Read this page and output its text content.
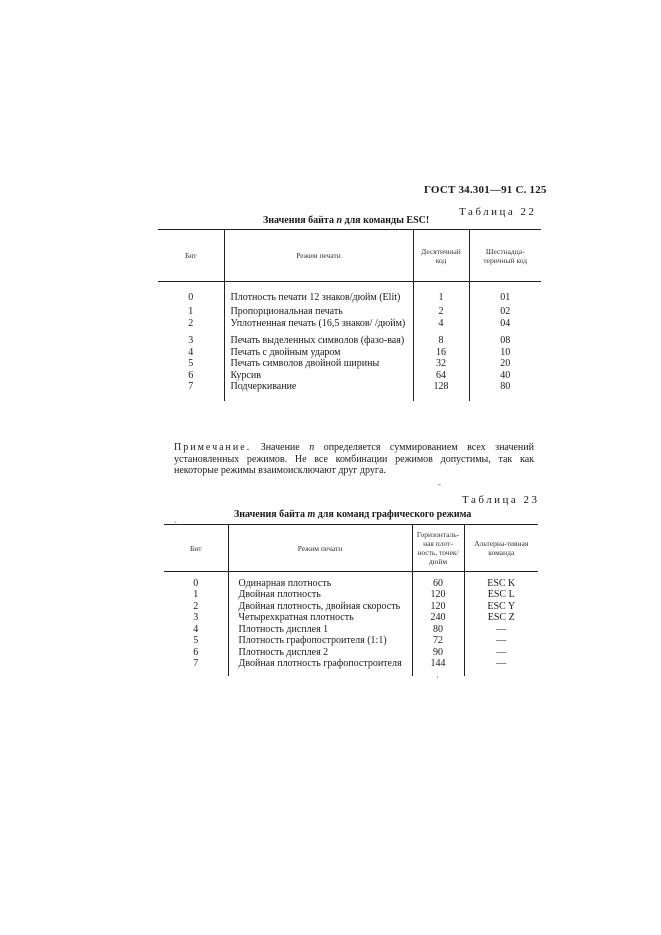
ГОСТ 34.301—91 С. 125
Таблица 22
Значения байта n для команды ESC!
Бит	Режим печати	Десятичный код	Шестнадца-теричный код

0	Плотность печати 12 знаков/дюйм (Elit)	1	01

1	Пропорциональная печать	2	02
2	Уплотненная печать (16,5 знаков/ /дюйм)	4	04

3	Печать выделенных символов (фазо-вая)	8	08
4	Печать с двойным ударом	16	10
5	Печать символов двойной ширины	32	20
6	Курсив	64	40
7	Подчеркивание	128	80

Примечание. Значение n определяется суммированием всех значений установленных режимов. Не все комбинации режимов допустимы, так как некоторые режимы взаимоисключают друг друга.
-
Таблица 23
Значения байта m для команд графического режима
´
Бит	Режим печати	Горизонталь-ная плот-ность, точек/дюйм	Альтерна-тивная команда

0	Одинарная плотность	60	ESC K
1	Двойная плотность	120	ESC L
2	Двойная плотность, двойная скорость	120	ESC Y
3	Четырехкратная плотность	240	ESC Z
4	Плотность дисплея 1	80	—
5	Плотность графопостроителя (1:1)	72	—
6	Плотность дисплея 2	90	—
7	Двойная плотность графопостроителя	144	—

·
